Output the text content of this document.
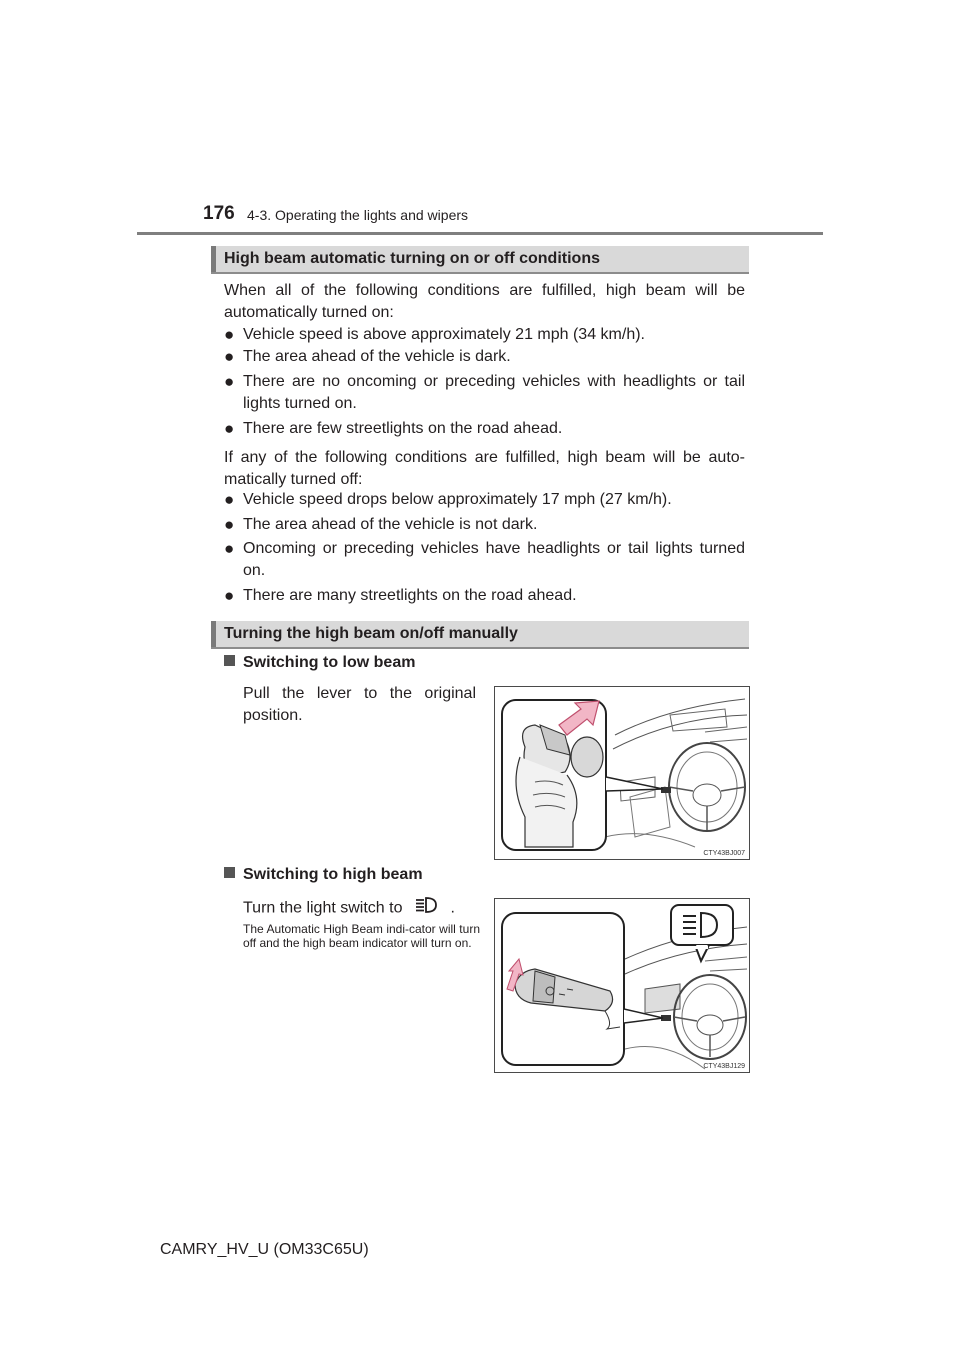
176 4-3. Operating the lights and wipers
High beam automatic turning on or off conditions
When all of the following conditions are fulfilled, high beam will be automatically turned on:
● Vehicle speed is above approximately 21 mph (34 km/h).
● The area ahead of the vehicle is dark.
● There are no oncoming or preceding vehicles with headlights or tail lights turned on.
● There are few streetlights on the road ahead.
If any of the following conditions are fulfilled, high beam will be auto-matically turned off:
● Vehicle speed drops below approximately 17 mph (27 km/h).
● The area ahead of the vehicle is not dark.
● Oncoming or preceding vehicles have headlights or tail lights turned on.
● There are many streetlights on the road ahead.
Turning the high beam on/off manually
Switching to low beam
Pull the lever to the original position.
CTY43BJ007
Switching to high beam
Turn the light switch to	.
The Automatic High Beam indi-cator will turn off and the high beam indicator will turn on.
CTY43BJ129
CAMRY_HV_U (OM33C65U)
